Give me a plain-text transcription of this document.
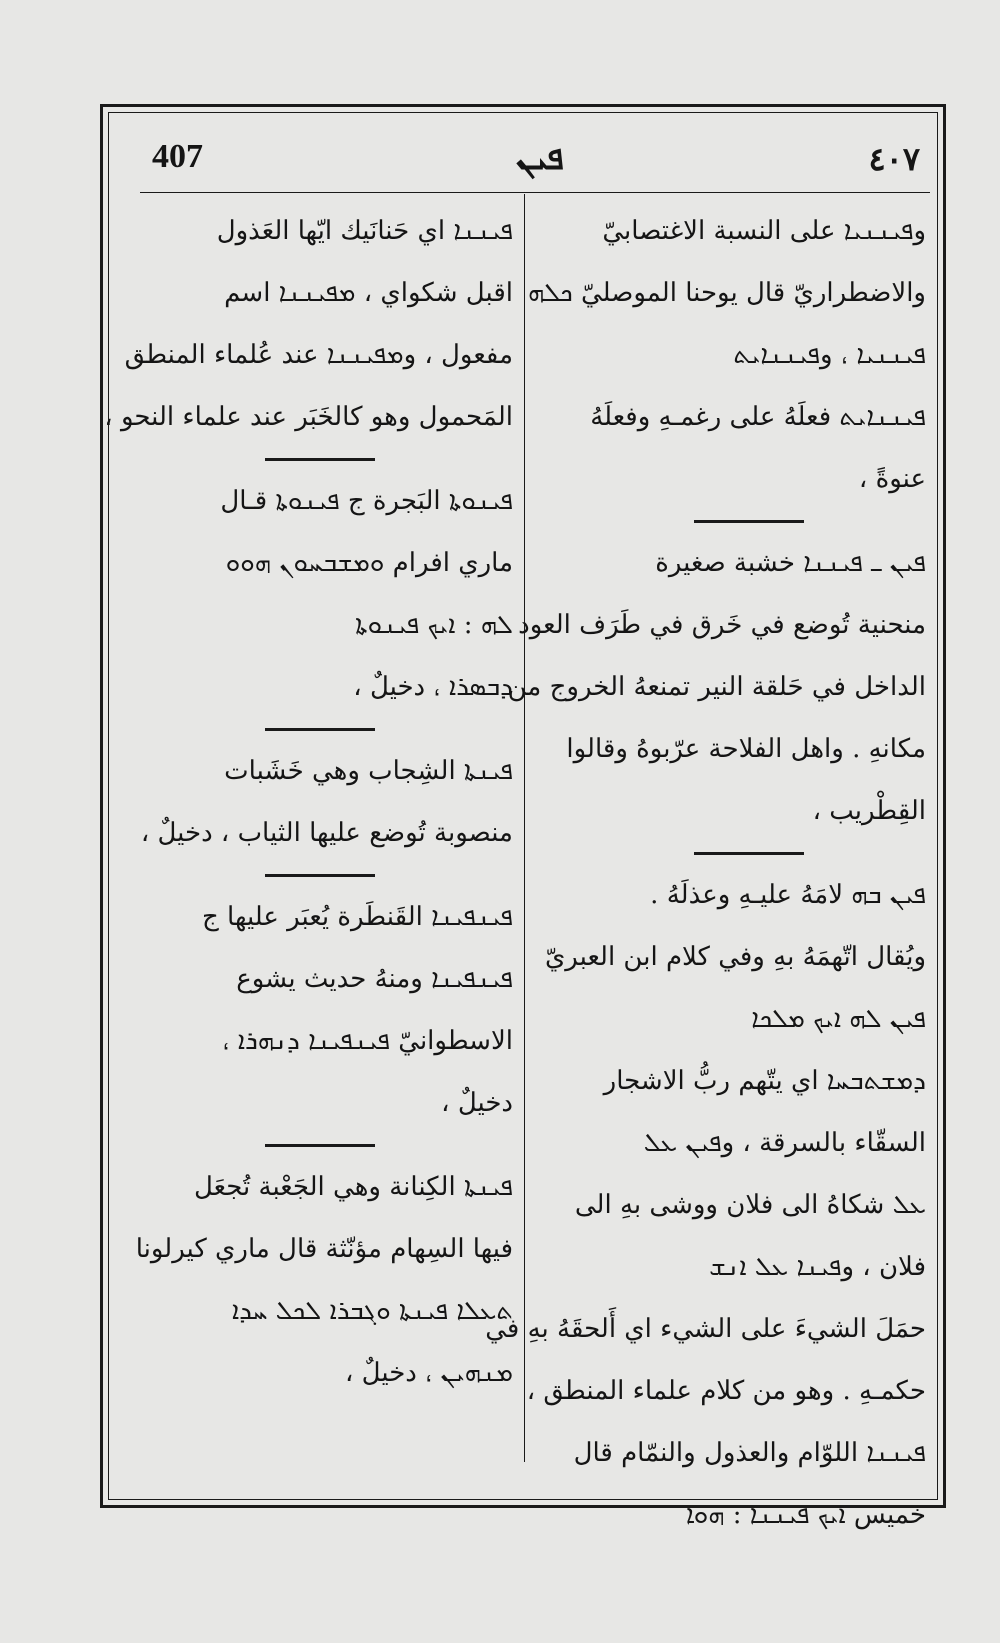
407	ܦܝܢ	٤٠٧
وܦܝܢܢܝܐ على النسبة الاغتصابيّ
والاضطراريّ قال يوحنا الموصليّ ܟܠܗ
ܦܝܢܢܝܐ ، وܦܝܢܢܐܝܬ
ܦܝܢܢܐܝܬ فعلَهُ على رغمـهِ وفعلَهُ
عنوةً ،
ܦܝܢ ـ ܦܝܢܢܐ خشبة صغيرة
منحنية تُوضع في خَرق في طَرَف العود
الداخل في حَلقة النير تمنعهُ الخروج من
مكانهِ . واهل الفلاحة عرّبوهُ وقالوا
القِطْريب ،
ܦܝܢ ܒܗ لامَهُ عليـهِ وعذلَهُ .
ويُقال اتّهمَهُ بهِ وفي كلام ابن العبريّ
ܦܝܢ ܠܗ ܐܝܟ ܡܠܟܐ
ܕܡܫܬܒܚܐ اي يتّهم ربُّ الاشجار
السقّاء بالسرقة ، وܦܝܢ ܥܠ
ܥܠ شكاهُ الى فلان ووشى بهِ الى
فلان ، وܦܝܢܐ ܥܠ ܐܢܫ
حمَلَ الشيءَ على الشيء اي أَلحقَهُ بهِ في
حكمـهِ . وهو من كلام علماء المنطق ،
ܦܝܢܢܐ اللوّام والعذول والنمّام قال
خميس ܐܝܟ ܦܝܢܢܐ : ܗܘܐ
ܦܝܢܢܐ اي حَنانَيك ايّها العَذول
اقبل شكواي ، ܡܦܝܢܢܐ اسم
مفعول ، وܡܦܝܢܢܐ عند عُلماء المنطق
المَحمول وهو كالخَبَر عند علماء النحو ،
ܦܝܢܘܬܐ البَجرة ج ܦܝܢܘܬܐ قـال
ماري افرام ܘܡܫܒܚܘܢ ܗܘܘ
ܠܗ : ܐܝܟ ܦܝܢܘܬܐ
ܕܒܣܪܐ ، دخيلٌ ،
ܦܝܢܬܐ الشِجاب وهي خَشَبات
منصوبة تُوضع عليها الثياب ، دخيلٌ ،
ܦܝܢܦܝܢܐ القَنطَرة يُعبَر عليها ج
ܦܝܢܦܝܢܐ ومنهُ حديث يشوع
الاسطوانيّ ܦܝܢܦܝܢܐ ܕܢܗܪܐ ،
دخيلٌ ،
ܦܝܢܬܐ الكِنانة وهي الجَعْبة تُجعَل
فيها السِهام مؤنّثة قال ماري كيرلونا
ܬܥܠܐ ܦܝܢܬܐ ܘܓܒܪܐ ܠܟܠ ܚܕܐ
ܡܢܗܝܢ ، دخيلٌ ،
